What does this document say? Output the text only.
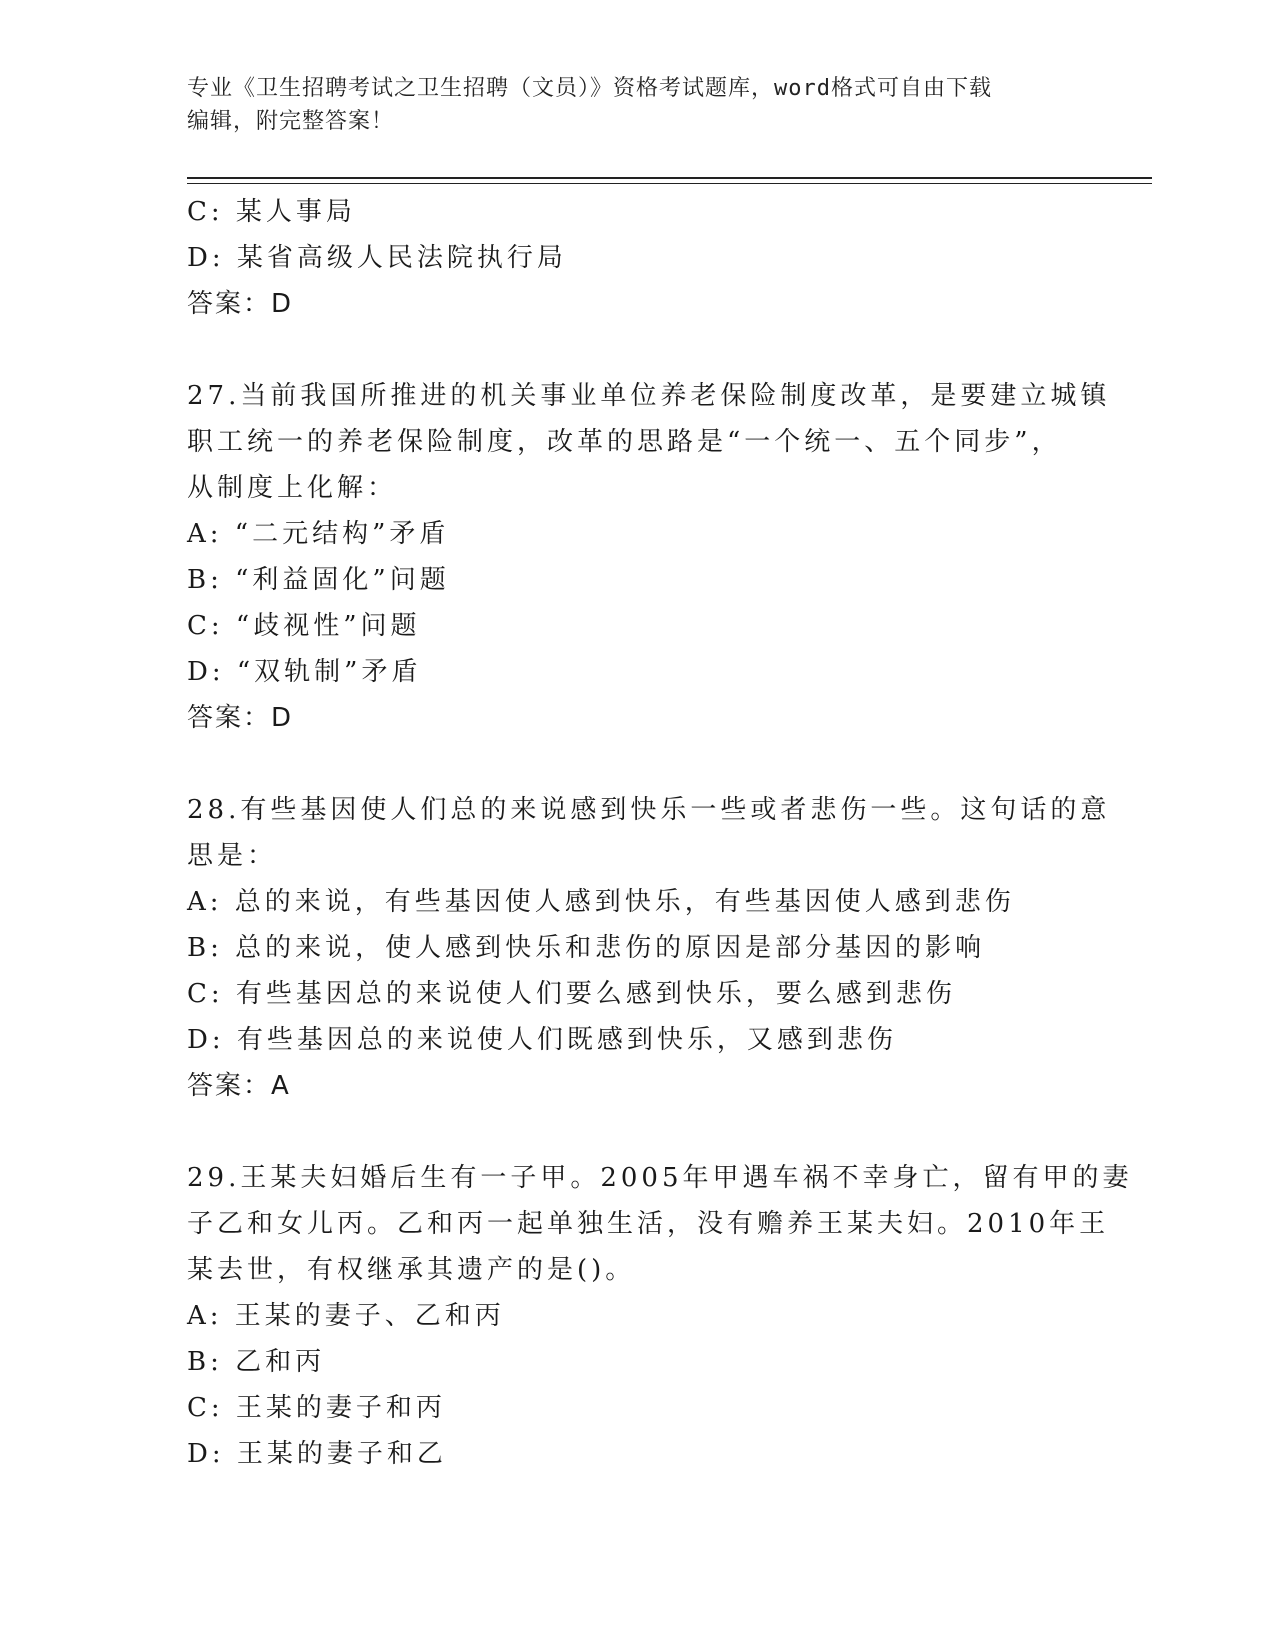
专业《卫生招聘考试之卫生招聘（文员）》资格考试题库，word格式可自由下载
编辑，附完整答案！
C: 某人事局
D: 某省高级人民法院执行局
答案：D
27.当前我国所推进的机关事业单位养老保险制度改革，是要建立城镇
职工统一的养老保险制度，改革的思路是“一个统一、五个同步”，
从制度上化解：
A: “二元结构”矛盾
B: “利益固化”问题
C: “歧视性”问题
D: “双轨制”矛盾
答案：D
28.有些基因使人们总的来说感到快乐一些或者悲伤一些。这句话的意
思是：
A: 总的来说，有些基因使人感到快乐，有些基因使人感到悲伤
B: 总的来说，使人感到快乐和悲伤的原因是部分基因的影响
C: 有些基因总的来说使人们要么感到快乐，要么感到悲伤
D: 有些基因总的来说使人们既感到快乐，又感到悲伤
答案：A
29.王某夫妇婚后生有一子甲。2005年甲遇车祸不幸身亡，留有甲的妻
子乙和女儿丙。乙和丙一起单独生活，没有赡养王某夫妇。2010年王
某去世，有权继承其遗产的是()。
A: 王某的妻子、乙和丙
B: 乙和丙
C: 王某的妻子和丙
D: 王某的妻子和乙
